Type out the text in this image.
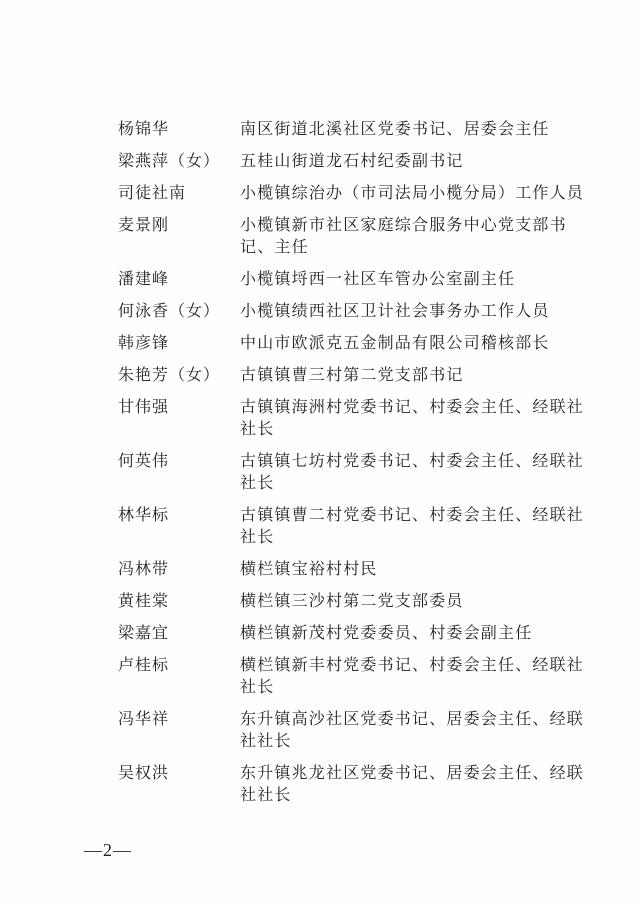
杨锦华	南区街道北溪社区党委书记、居委会主任
梁燕萍（女）	五桂山街道龙石村纪委副书记
司徒社南	小榄镇综治办（市司法局小榄分局）工作人员
麦景刚	小榄镇新市社区家庭综合服务中心党支部书记、主任
潘建峰	小榄镇埒西一社区车管办公室副主任
何泳香（女）	小榄镇绩西社区卫计社会事务办工作人员
韩彦锋	中山市欧派克五金制品有限公司稽核部长
朱艳芳（女）	古镇镇曹三村第二党支部书记
甘伟强	古镇镇海洲村党委书记、村委会主任、经联社社长
何英伟	古镇镇七坊村党委书记、村委会主任、经联社社长
林华标	古镇镇曹二村党委书记、村委会主任、经联社社长
冯林带	横栏镇宝裕村村民
黄桂棠	横栏镇三沙村第二党支部委员
梁嘉宜	横栏镇新茂村党委委员、村委会副主任
卢桂标	横栏镇新丰村党委书记、村委会主任、经联社社长
冯华祥	东升镇高沙社区党委书记、居委会主任、经联社社长
吴权洪	东升镇兆龙社区党委书记、居委会主任、经联社社长
—2—
